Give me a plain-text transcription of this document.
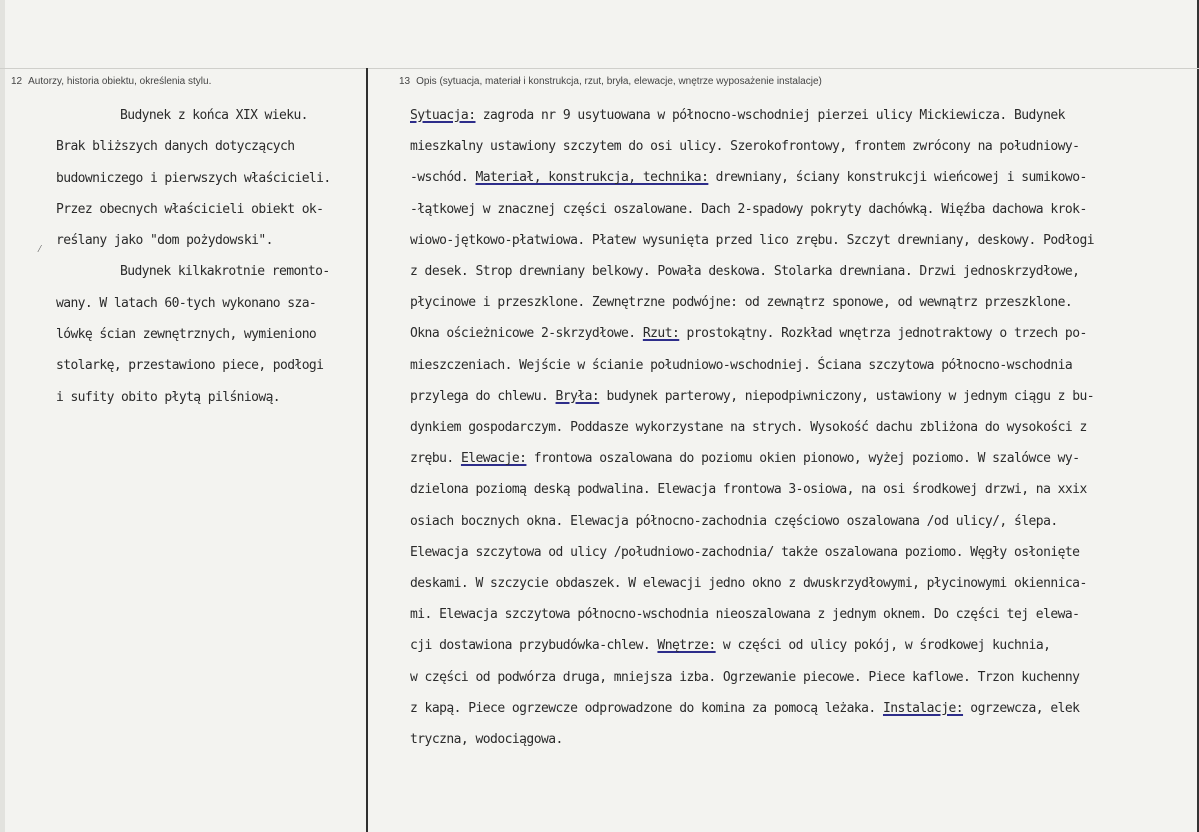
12 Autorzy, historia obiektu, określenia stylu.	13 Opis (sytuacja, materiał i konstrukcja, rzut, bryła, elewacje, wnętrze wyposażenie instalacje)
/
Budynek z końca XIX wieku.
Brak bliższych danych dotyczących
budowniczego i pierwszych właścicieli.
Przez obecnych właścicieli obiekt ok-
reślany jako "dom pożydowski".
Budynek kilkakrotnie remonto-
wany. W latach 60-tych wykonano sza-
lówkę ścian zewnętrznych, wymieniono
stolarkę, przestawiono piece, podłogi
i sufity obito płytą pilśniową.
Sytuacja: zagroda nr 9 usytuowana w północno-wschodniej pierzei ulicy Mickiewicza. Budynek
mieszkalny ustawiony szczytem do osi ulicy. Szerokofrontowy, frontem zwrócony na południowy-
-wschód. Materiał, konstrukcja, technika: drewniany, ściany konstrukcji wieńcowej i sumikowo-
-łątkowej w znacznej części oszalowane. Dach 2-spadowy pokryty dachówką. Więźba dachowa krok-
wiowo-jętkowo-płatwiowa. Płatew wysunięta przed lico zrębu. Szczyt drewniany, deskowy. Podłogi
z desek. Strop drewniany belkowy. Powała deskowa. Stolarka drewniana. Drzwi jednoskrzydłowe,
płycinowe i przeszklone. Zewnętrzne podwójne: od zewnątrz sponowe, od wewnątrz przeszklone.
Okna ościeżnicowe 2-skrzydłowe. Rzut: prostokątny. Rozkład wnętrza jednotraktowy o trzech po-
mieszczeniach. Wejście w ścianie południowo-wschodniej. Ściana szczytowa północno-wschodnia
przylega do chlewu. Bryła: budynek parterowy, niepodpiwniczony, ustawiony w jednym ciągu z bu-
dynkiem gospodarczym. Poddasze wykorzystane na strych. Wysokość dachu zbliżona do wysokości z
zrębu. Elewacje: frontowa oszalowana do poziomu okien pionowo, wyżej poziomo. W szalówce wy-
dzielona poziomą deską podwalina. Elewacja frontowa 3-osiowa, na osi środkowej drzwi, na xxix
osiach bocznych okna. Elewacja północno-zachodnia częściowo oszalowana /od ulicy/, ślepa.
Elewacja szczytowa od ulicy /południowo-zachodnia/ także oszalowana poziomo. Węgły osłonięte
deskami. W szczycie obdaszek. W elewacji jedno okno z dwuskrzydłowymi, płycinowymi okiennica-
mi. Elewacja szczytowa północno-wschodnia nieoszalowana z jednym oknem. Do części tej elewa-
cji dostawiona przybudówka-chlew. Wnętrze: w części od ulicy pokój, w środkowej kuchnia,
w części od podwórza druga, mniejsza izba. Ogrzewanie piecowe. Piece kaflowe. Trzon kuchenny
z kapą. Piece ogrzewcze odprowadzone do komina za pomocą leżaka. Instalacje: ogrzewcza, elek
tryczna, wodociągowa.
